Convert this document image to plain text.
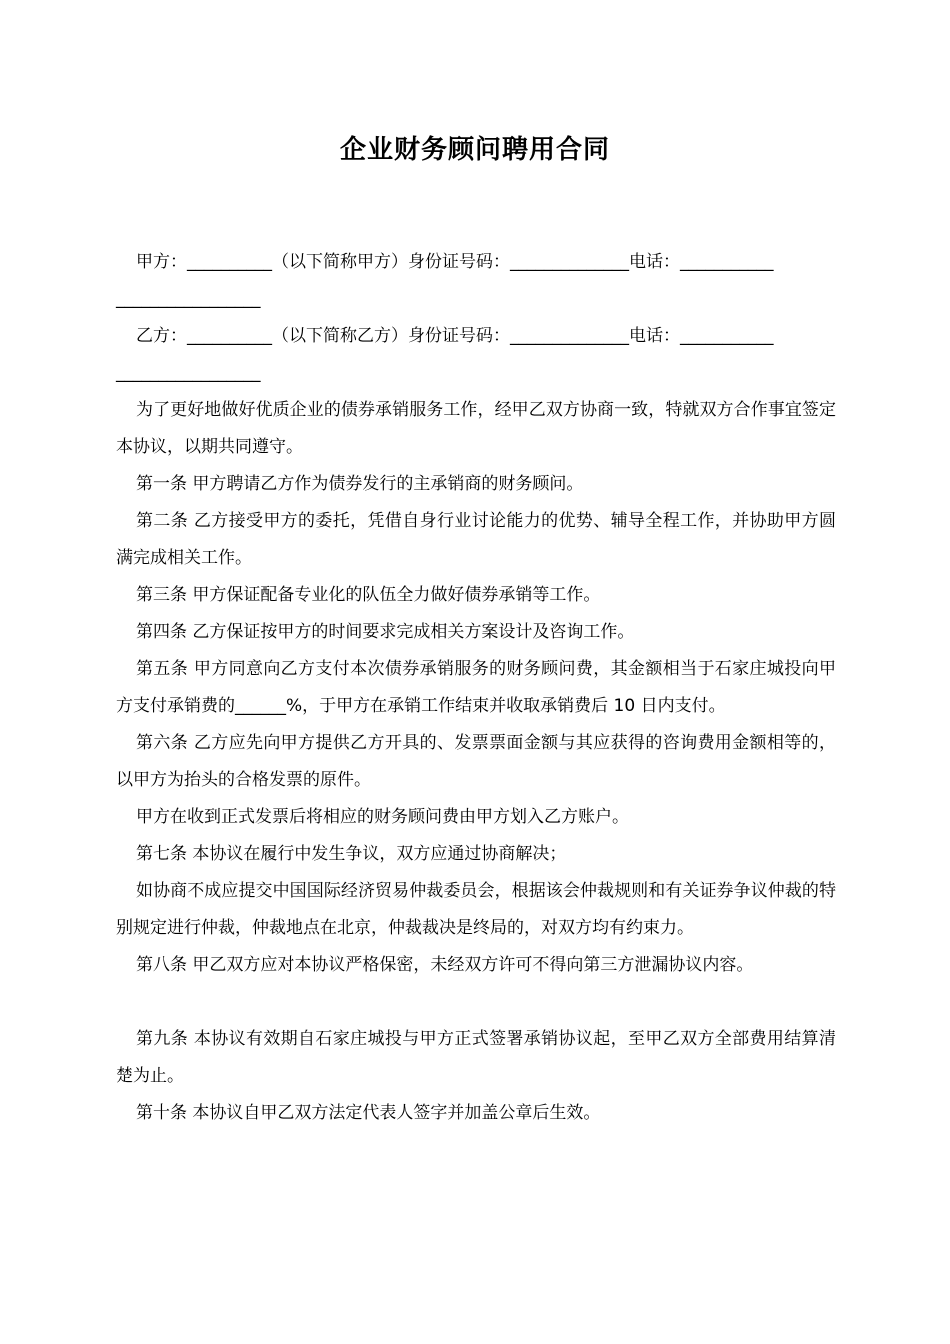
企业财务顾问聘用合同

甲方：__________（以下简称甲方）身份证号码：______________电话：___________

_________________

乙方：__________（以下简称乙方）身份证号码：______________电话：___________

_________________

为了更好地做好优质企业的债券承销服务工作，经甲乙双方协商一致，特就双方合作事宜签定本协议，以期共同遵守。

第一条 甲方聘请乙方作为债券发行的主承销商的财务顾问。

第二条 乙方接受甲方的委托，凭借自身行业讨论能力的优势、辅导全程工作，并协助甲方圆满完成相关工作。

第三条 甲方保证配备专业化的队伍全力做好债券承销等工作。

第四条 乙方保证按甲方的时间要求完成相关方案设计及咨询工作。

第五条 甲方同意向乙方支付本次债券承销服务的财务顾问费，其金额相当于石家庄城投向甲方支付承销费的______%，于甲方在承销工作结束并收取承销费后 10 日内支付。

第六条 乙方应先向甲方提供乙方开具的、发票票面金额与其应获得的咨询费用金额相等的，以甲方为抬头的合格发票的原件。

甲方在收到正式发票后将相应的财务顾问费由甲方划入乙方账户。

第七条 本协议在履行中发生争议，双方应通过协商解决；

如协商不成应提交中国国际经济贸易仲裁委员会，根据该会仲裁规则和有关证券争议仲裁的特别规定进行仲裁，仲裁地点在北京，仲裁裁决是终局的，对双方均有约束力。

第八条 甲乙双方应对本协议严格保密，未经双方许可不得向第三方泄漏协议内容。

第九条 本协议有效期自石家庄城投与甲方正式签署承销协议起，至甲乙双方全部费用结算清楚为止。

第十条 本协议自甲乙双方法定代表人签字并加盖公章后生效。
